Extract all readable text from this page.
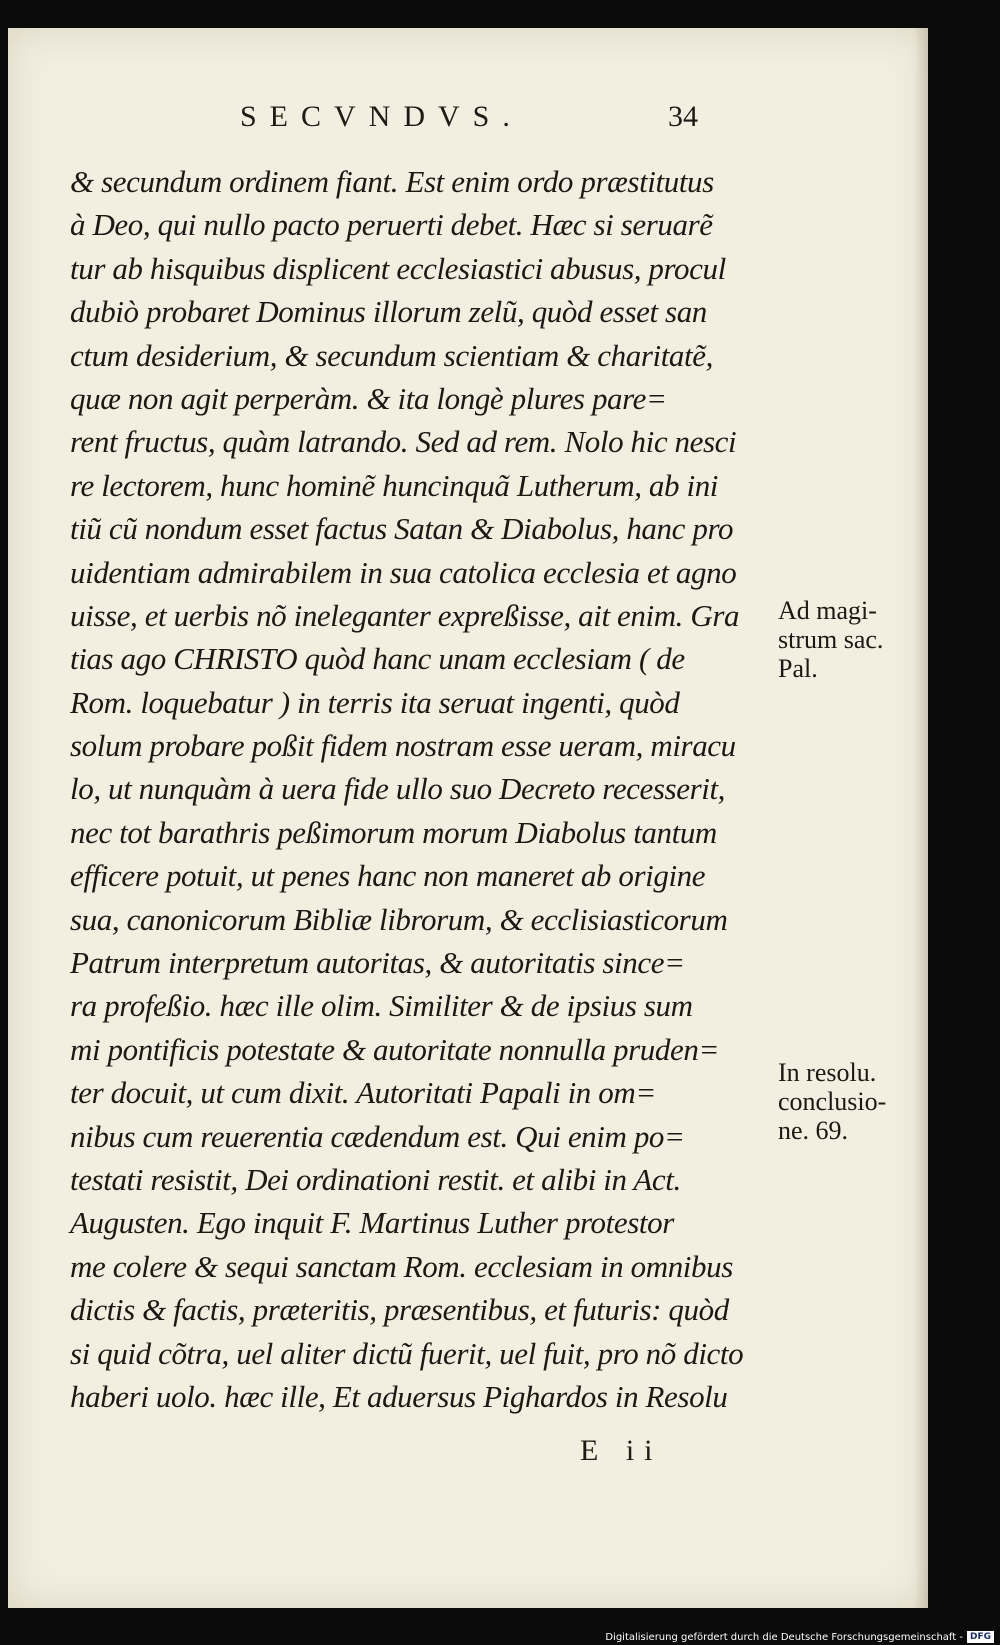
SECVNDVS.	34
& secundum ordinem fiant. Est enim ordo præstitutus
à Deo, qui nullo pacto peruerti debet. Hæc si seruarẽ
tur ab hisquibus displicent ecclesiastici abusus, procul
dubiò probaret Dominus illorum zelũ, quòd esset san
ctum desiderium, & secundum scientiam & charitatẽ,
quæ non agit perperàm. & ita longè plures pare=
rent fructus, quàm latrando. Sed ad rem. Nolo hic nesci
re lectorem, hunc hominẽ huncinquã Lutherum, ab ini
tiũ cũ nondum esset factus Satan & Diabolus, hanc pro
uidentiam admirabilem in sua catolica ecclesia et agno
uisse, et uerbis nõ ineleganter expreßisse, ait enim. Gra
tias ago CHRISTO quòd hanc unam ecclesiam ( de
Rom. loquebatur ) in terris ita seruat ingenti, quòd
solum probare poßit fidem nostram esse ueram, miracu
lo, ut nunquàm à uera fide ullo suo Decreto recesserit,
nec tot barathris peßimorum morum Diabolus tantum
efficere potuit, ut penes hanc non maneret ab origine
sua, canonicorum Bibliæ librorum, & ecclisiasticorum
Patrum interpretum autoritas, & autoritatis since=
ra profeßio. hæc ille olim. Similiter & de ipsius sum
mi pontificis potestate & autoritate nonnulla pruden=
ter docuit, ut cum dixit. Autoritati Papali in om=
nibus cum reuerentia cædendum est. Qui enim po=
testati resistit, Dei ordinationi restit. et alibi in Act.
Augusten. Ego inquit F. Martinus Luther protestor
me colere & sequi sanctam Rom. ecclesiam in omnibus
dictis & factis, præteritis, præsentibus, et futuris: quòd
si quid cõtra, uel aliter dictũ fuerit, uel fuit, pro nõ dicto
haberi uolo. hæc ille, Et aduersus Pighardos in Resolu
Ad magi-
strum sac.
Pal.
In resolu.
conclusio-
ne. 69.
E ii
Digitalisierung gefördert durch die Deutsche Forschungsgemeinschaft - DFG
